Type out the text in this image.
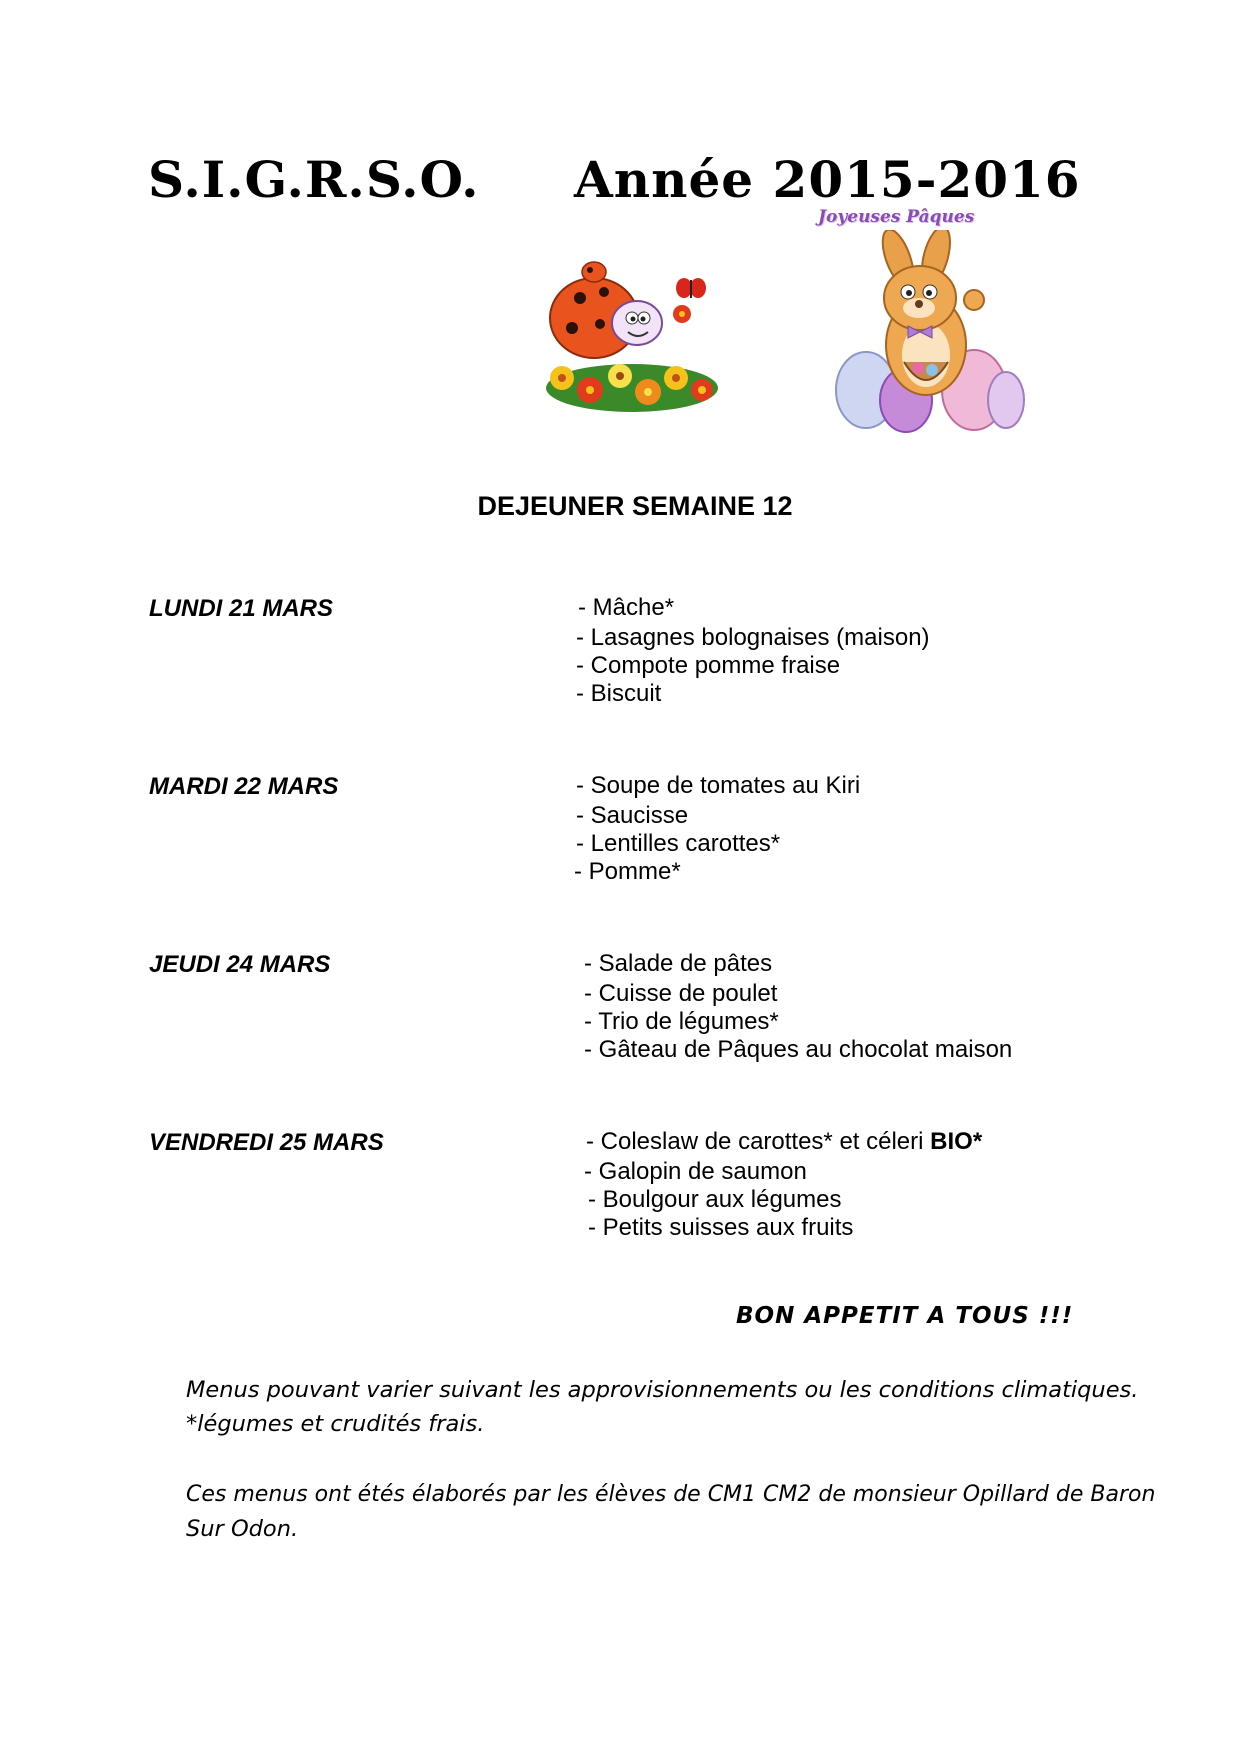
S.I.G.R.S.O. Année 2015-2016
Joyeuses Pâques
DEJEUNER SEMAINE 12
LUNDI 21 MARS	- Mâche*
- Lasagnes bolognaises (maison)
- Compote pomme fraise
- Biscuit
MARDI 22 MARS	- Soupe de tomates au Kiri
- Saucisse
- Lentilles carottes*
- Pomme*
JEUDI 24 MARS	- Salade de pâtes
- Cuisse de poulet
- Trio de légumes*
- Gâteau de Pâques au chocolat maison
VENDREDI 25 MARS	- Coleslaw de carottes* et céleri BIO*
- Galopin de saumon
- Boulgour aux légumes
- Petits suisses aux fruits
BON APPETIT A TOUS !!!
Menus pouvant varier suivant les approvisionnements ou les conditions climatiques.
*légumes et crudités frais.
Ces menus ont étés élaborés par les élèves de CM1 CM2 de monsieur Opillard de Baron
Sur Odon.
